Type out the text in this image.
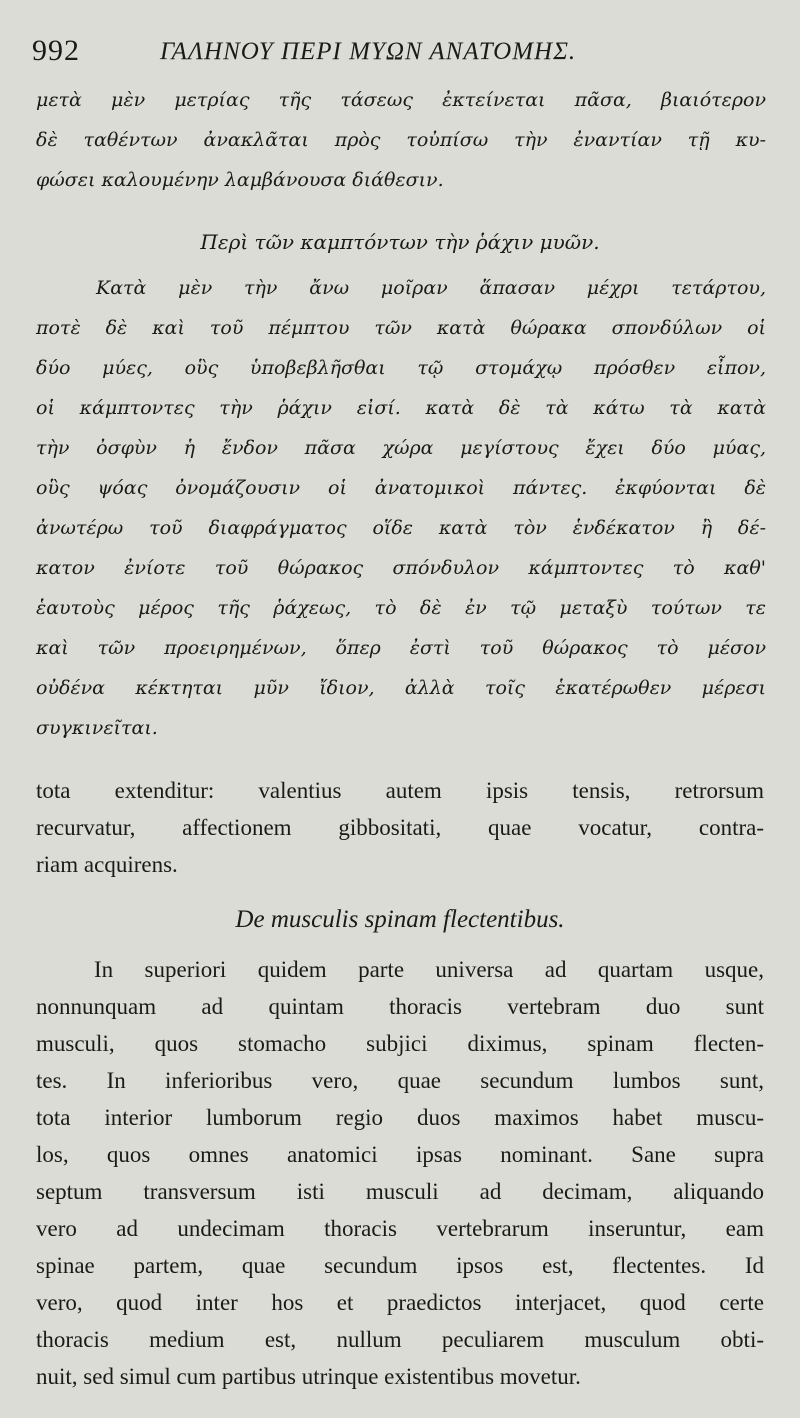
992	ΓΑΛΗΝΟΥ ΠΕΡΙ ΜΥΩΝ ΑΝΑΤΟΜΗΣ.
μετὰ μὲν μετρίας τῆς τάσεως ἐκτείνεται πᾶσα, βιαιότερον
δὲ ταθέντων ἀνακλᾶται πρὸς τοὐπίσω τὴν ἐναντίαν τῇ κυ-
φώσει καλουμένην λαμβάνουσα διάθεσιν.
Περὶ τῶν καμπτόντων τὴν ῥάχιν μυῶν.
Κατὰ μὲν τὴν ἄνω μοῖραν ἅπασαν μέχρι τετάρτου,
ποτὲ δὲ καὶ τοῦ πέμπτου τῶν κατὰ θώρακα σπονδύλων οἱ
δύο μύες, οὓς ὑποβεβλῆσθαι τῷ στομάχῳ πρόσθεν εἶπον,
οἱ κάμπτοντες τὴν ῥάχιν εἰσί. κατὰ δὲ τὰ κάτω τὰ κατὰ
τὴν ὀσφὺν ἡ ἔνδον πᾶσα χώρα μεγίστους ἔχει δύο μύας,
οὓς ψόας ὀνομάζουσιν οἱ ἀνατομικοὶ πάντες. ἐκφύονται δὲ
ἀνωτέρω τοῦ διαφράγματος οἵδε κατὰ τὸν ἑνδέκατον ἢ δέ-
κατον ἐνίοτε τοῦ θώρακος σπόνδυλον κάμπτοντες τὸ καθ'
ἑαυτοὺς μέρος τῆς ῥάχεως, τὸ δὲ ἐν τῷ μεταξὺ τούτων τε
καὶ τῶν προειρημένων, ὅπερ ἐστὶ τοῦ θώρακος τὸ μέσον
οὐδένα κέκτηται μῦν ἴδιον, ἀλλὰ τοῖς ἑκατέρωθεν μέρεσι
συγκινεῖται.
tota extenditur: valentius autem ipsis tensis, retrorsum
recurvatur, affectionem gibbositati, quae vocatur, contra-
riam acquirens.
De musculis spinam flectentibus.
In superiori quidem parte universa ad quartam usque,
nonnunquam ad quintam thoracis vertebram duo sunt
musculi, quos stomacho subjici diximus, spinam flecten-
tes. In inferioribus vero, quae secundum lumbos sunt,
tota interior lumborum regio duos maximos habet muscu-
los, quos omnes anatomici ipsas nominant. Sane supra
septum transversum isti musculi ad decimam, aliquando
vero ad undecimam thoracis vertebrarum inseruntur, eam
spinae partem, quae secundum ipsos est, flectentes. Id
vero, quod inter hos et praedictos interjacet, quod certe
thoracis medium est, nullum peculiarem musculum obti-
nuit, sed simul cum partibus utrinque existentibus movetur.
